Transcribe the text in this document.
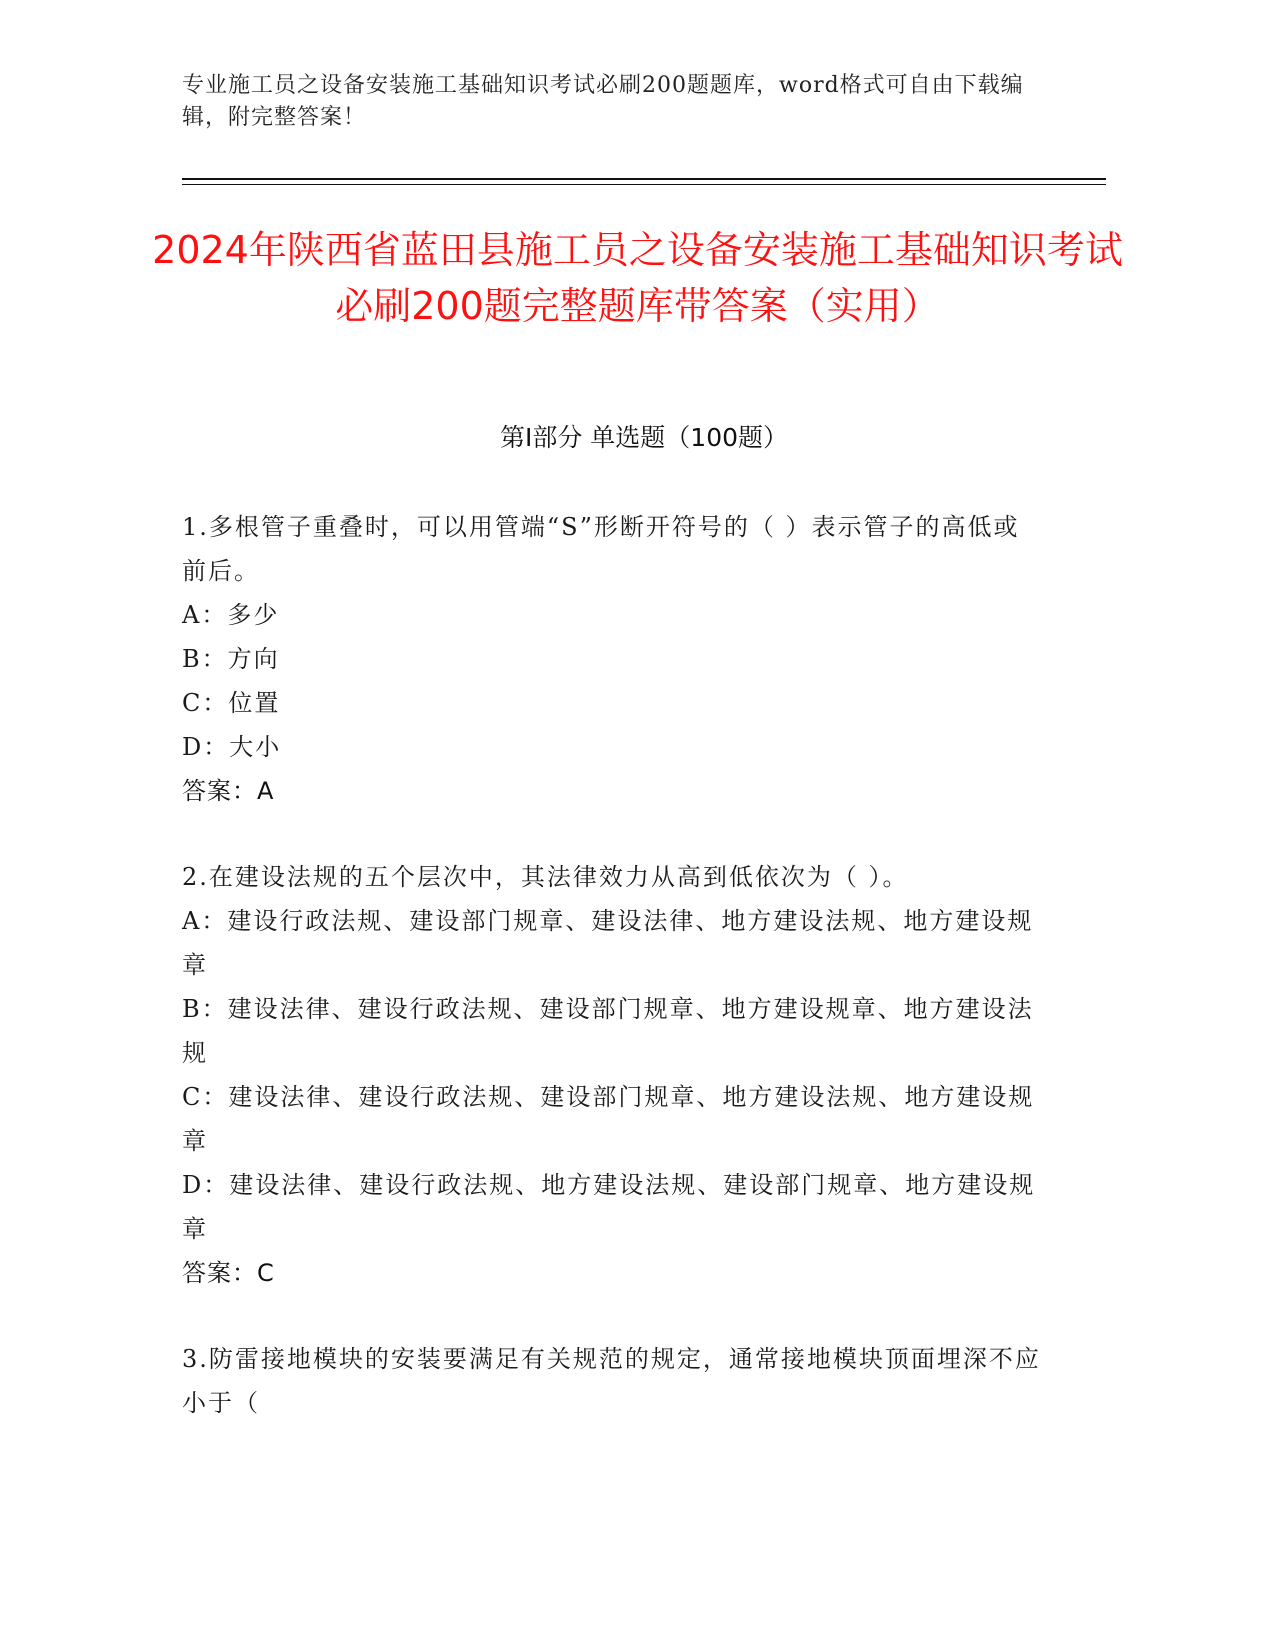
专业施工员之设备安装施工基础知识考试必刷200题题库，word格式可自由下载编辑，附完整答案！
2024年陕西省蓝田县施工员之设备安装施工基础知识考试必刷200题完整题库带答案（实用）
第I部分 单选题（100题）
1.多根管子重叠时，可以用管端“S”形断开符号的（ ）表示管子的高低或前后。
A：多少
B：方向
C：位置
D：大小
答案：A
2.在建设法规的五个层次中，其法律效力从高到低依次为（ ）。
A：建设行政法规、建设部门规章、建设法律、地方建设法规、地方建设规章
B：建设法律、建设行政法规、建设部门规章、地方建设规章、地方建设法规
C：建设法律、建设行政法规、建设部门规章、地方建设法规、地方建设规章
D：建设法律、建设行政法规、地方建设法规、建设部门规章、地方建设规章
答案：C
3.防雷接地模块的安装要满足有关规范的规定，通常接地模块顶面埋深不应小于（
